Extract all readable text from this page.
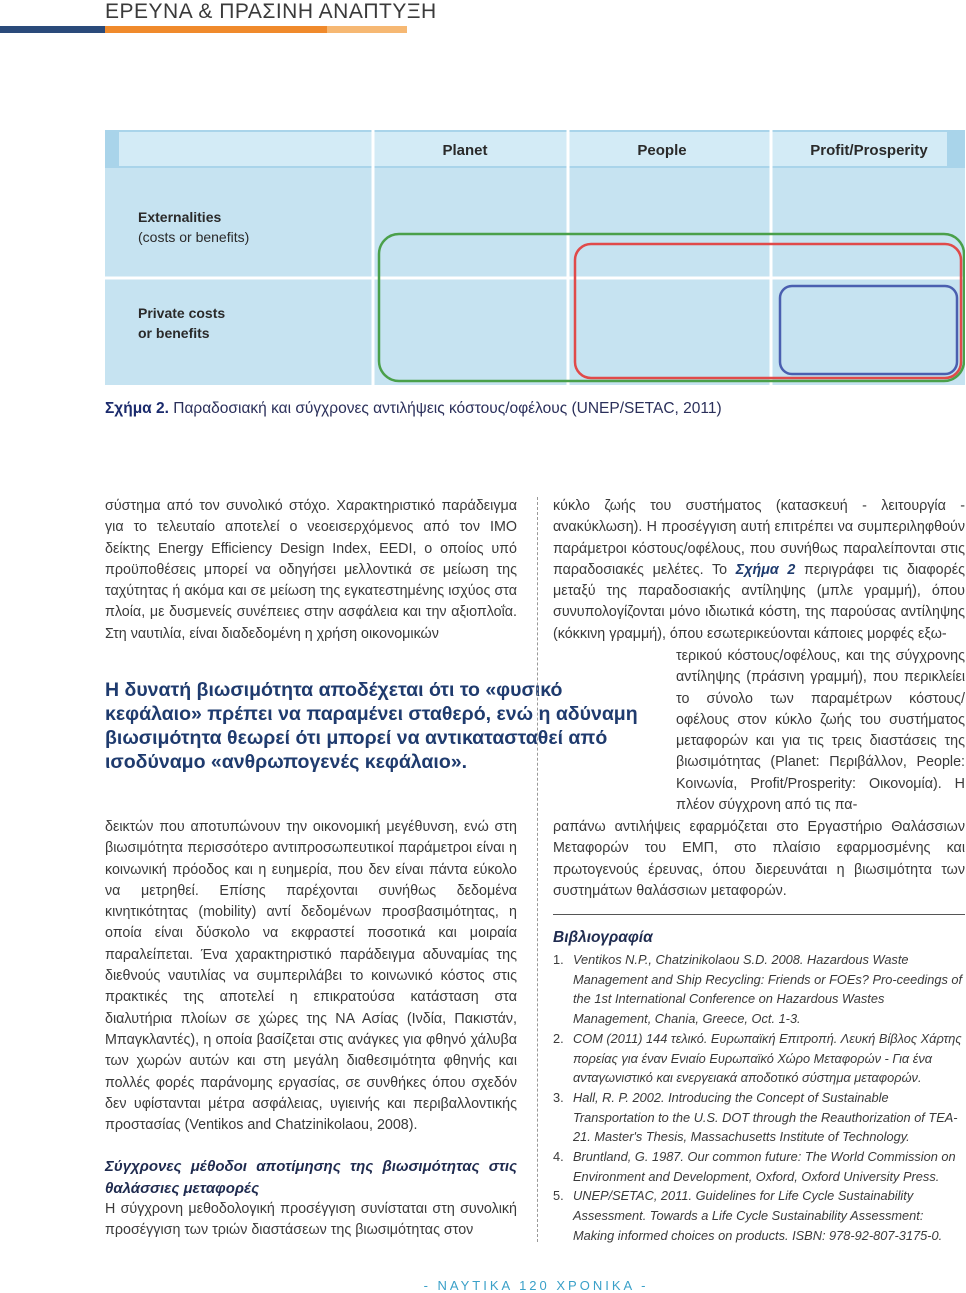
ΕΡΕΥΝΑ & ΠΡΑΣΙΝΗ ΑΝΑΠΤΥΞΗ
Planet	People	Profit/Prosperity
Externalities
(costs or benefits)
Private costs
or benefits
Σχήμα 2. Παραδοσιακή και σύγχρονες αντιλήψεις κόστους/οφέλους (UNEP/SETAC, 2011)

σύστημα από τον συνολικό στόχο. Χαρακτηριστικό παράδειγμα για το τελευταίο αποτελεί ο νεοεισερχόμενος από τον ΙΜΟ δείκτης Energy Efficiency Design Index, EEDI, ο οποίος υπό προϋποθέσεις μπορεί να οδηγήσει μελλοντικά σε μείωση της ταχύτητας ή ακόμα και σε μείωση της εγκατεστημένης ισχύος στα πλοία, με δυσμενείς συνέπειες στην ασφάλεια και την αξιοπλοΐα. Στη ναυτιλία, είναι διαδεδομένη η χρήση οικονομικών

Η δυνατή βιωσιμότητα αποδέχεται ότι το «φυσικό κεφάλαιο» πρέπει να παραμένει σταθερό, ενώ η αδύναμη βιωσιμότητα θεωρεί ότι μπορεί να αντικατασταθεί από ισοδύναμο «ανθρωπογενές κεφάλαιο».

δεικτών που αποτυπώνουν την οικονομική μεγέθυνση, ενώ στη βιωσιμότητα περισσότερο αντιπροσωπευτικοί παράμετροι είναι η κοινωνική πρόοδος και η ευημερία, που δεν είναι πάντα εύκολο να μετρηθεί. Επίσης παρέχονται συνήθως δεδομένα κινητικότητας (mobility) αντί δεδομένων προσβασιμότητας, η οποία είναι δύσκολο να εκφραστεί ποσοτικά και μοιραία παραλείπεται. Ένα χαρακτηριστικό παράδειγμα αδυναμίας της διεθνούς ναυτιλίας να συμπεριλάβει το κοινωνικό κόστος στις πρακτικές της αποτελεί η επικρατούσα κατάσταση στα διαλυτήρια πλοίων σε χώρες της ΝΑ Ασίας (Ινδία, Πακιστάν, Μπαγκλαντές), η οποία βασίζεται στις ανάγκες για φθηνό χάλυβα των χωρών αυτών και στη μεγάλη διαθεσιμότητα φθηνής και πολλές φορές παράνομης εργασίας, σε συνθήκες όπου σχεδόν δεν υφίστανται μέτρα ασφάλειας, υγιεινής και περιβαλλοντικής προστασίας (Ventikos and Chatzinikolaou, 2008).

Σύγχρονες μέθοδοι αποτίμησης της βιωσιμότητας στις θαλάσσιες μεταφορές

Η σύγχρονη μεθοδολογική προσέγγιση συνίσταται στη συνολική προσέγγιση των τριών διαστάσεων της βιωσιμότητας στον

κύκλο ζωής του συστήματος (κατασκευή - λειτουργία - ανακύκλωση). Η προσέγγιση αυτή επιτρέπει να συμπεριληφθούν παράμετροι κόστους/οφέλους, που συνήθως παραλείπονται στις παραδοσιακές μελέτες. Το Σχήμα 2 περιγράφει τις διαφορές μεταξύ της παραδοσιακής αντίληψης (μπλε γραμμή), όπου συνυπολογίζονται μόνο ιδιωτικά κόστη, της παρούσας αντίληψης (κόκκινη γραμμή), όπου εσωτερικεύονται κάποιες μορφές εξω-

τερικού κόστους/οφέλους, και της σύγχρονης αντίληψης (πράσινη γραμμή), που περικλείει το σύνολο των παραμέτρων κόστους/οφέλους στον κύκλο ζωής του συστήματος μεταφορών και για τις τρεις διαστάσεις της βιωσιμότητας (Planet: Περιβάλλον, People: Κοινωνία, Profit/Prosperity: Οικονομία). Η πλέον σύγχρονη από τις πα-

ραπάνω αντιλήψεις εφαρμόζεται στο Εργαστήριο Θαλάσσιων Μεταφορών του ΕΜΠ, στο πλαίσιο εφαρμοσμένης και πρωτογενούς έρευνας, όπου διερευνάται η βιωσιμότητα των συστημάτων θαλάσσιων μεταφορών.

Βιβλιογραφία
1. Ventikos N.P., Chatzinikolaou S.D. 2008. Hazardous Waste Management and Ship Recycling: Friends or FOEs? Pro-ceedings of the 1st International Conference on Hazardous Wastes Management, Chania, Greece, Oct. 1-3.
2. COM (2011) 144 τελικό. Ευρωπαϊκή Επιτροπή. Λευκή Βίβλος Χάρτης πορείας για έναν Ενιαίο Ευρωπαϊκό Χώρο Μεταφορών - Για ένα ανταγωνιστικό και ενεργειακά αποδοτικό σύστημα μεταφορών.
3. Hall, R. P. 2002. Introducing the Concept of Sustainable Transportation to the U.S. DOT through the Reauthorization of TEA-21. Master's Thesis, Massachusetts Institute of Technology.
4. Bruntland, G. 1987. Our common future: The World Commission on Environment and Development, Oxford, Oxford University Press.
5. UNEP/SETAC, 2011. Guidelines for Life Cycle Sustainability Assessment. Towards a Life Cycle Sustainability Assessment: Making informed choices on products. ISBN: 978-92-807-3175-0.
- ΝΑΥΤΙΚΑ 120 ΧΡΟΝΙΚΑ -
